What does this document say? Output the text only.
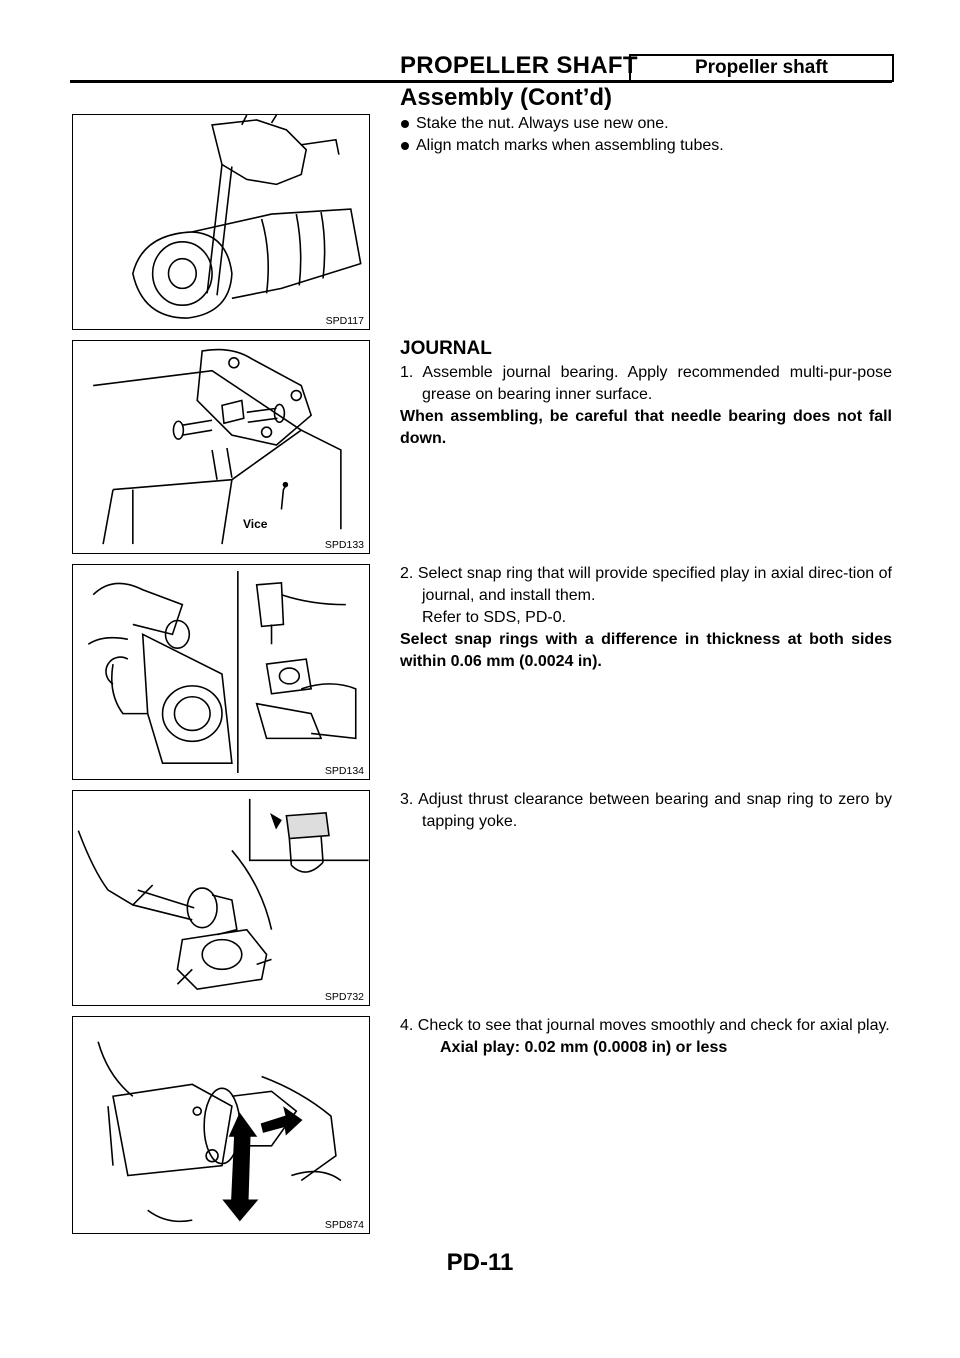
PROPELLER SHAFT	Propeller shaft
Assembly (Cont’d)
SPD117
Vice
SPD133
SPD134
SPD732
SPD874

Stake the nut. Always use new one.

Align match marks when assembling tubes.

JOURNAL

1. Assemble journal bearing. Apply recommended multi-pur-pose grease on bearing inner surface.

When assembling, be careful that needle bearing does not fall down.

2. Select snap ring that will provide specified play in axial direc-tion of journal, and install them.

Refer to SDS, PD-0.

Select snap rings with a difference in thickness at both sides within 0.06 mm (0.0024 in).

3. Adjust thrust clearance between bearing and snap ring to zero by tapping yoke.

4. Check to see that journal moves smoothly and check for axial play.

Axial play: 0.02 mm (0.0008 in) or less

PD-11
